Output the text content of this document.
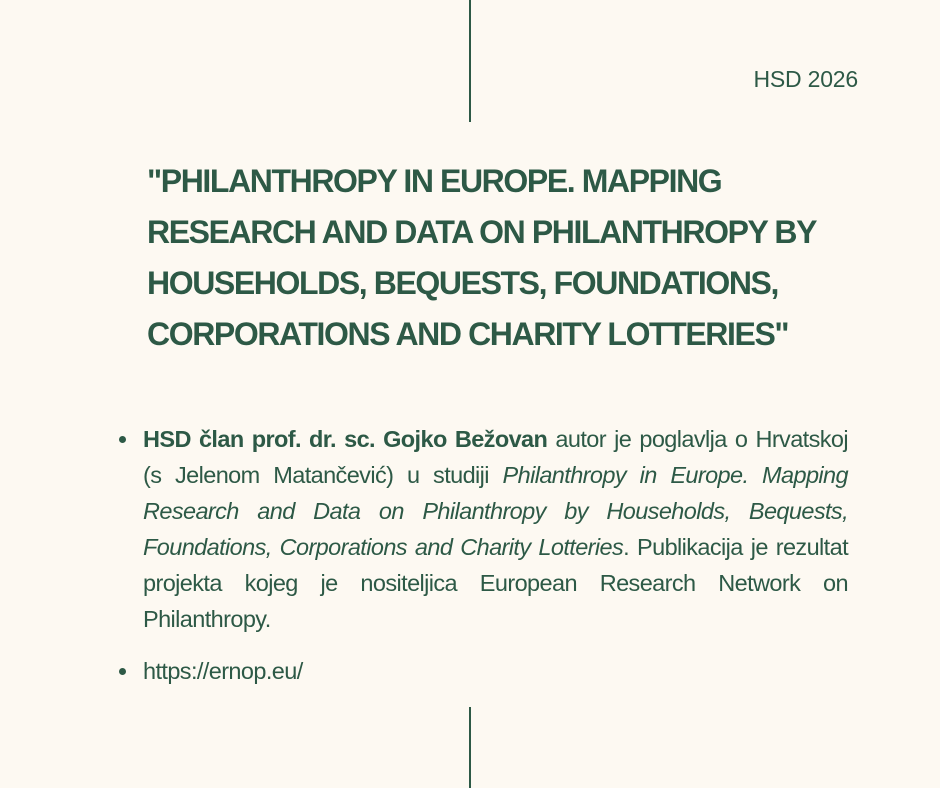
HSD 2026
"PHILANTHROPY IN EUROPE. MAPPING RESEARCH AND DATA ON PHILANTHROPY BY HOUSEHOLDS, BEQUESTS, FOUNDATIONS, CORPORATIONS AND CHARITY LOTTERIES"
HSD član prof. dr. sc. Gojko Bežovan autor je poglavlja o Hrvatskoj (s Jelenom Matančević) u studiji Philanthropy in Europe. Mapping Research and Data on Philanthropy by Households, Bequests, Foundations, Corporations and Charity Lotteries. Publikacija je rezultat projekta kojeg je nositeljica European Research Network on Philanthropy.
https://ernop.eu/
